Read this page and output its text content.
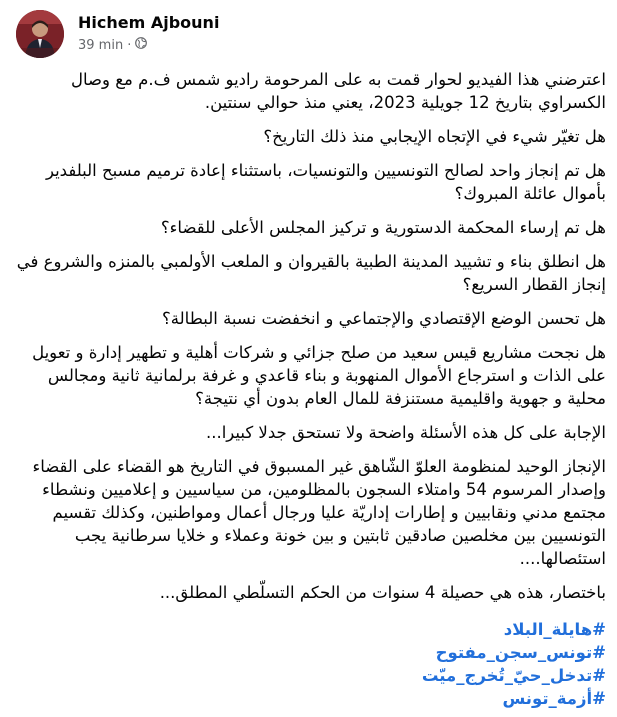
Hichem Ajbouni
39 min ·

اعترضني هذا الفيديو لحوار قمت به على المرحومة راديو شمس ف.م مع وصال الكسراوي بتاريخ 12 جويلية 2023، يعني منذ حوالي سنتين.

هل تغيّر شيء في الإتجاه الإيجابي منذ ذلك التاريخ؟

هل تم إنجاز واحد لصالح التونسيين والتونسيات، باستثناء إعادة ترميم مسبح البلفدير بأموال عائلة المبروك؟

هل تم إرساء المحكمة الدستورية و تركيز المجلس الأعلى للقضاء؟

هل انطلق بناء و تشييد المدينة الطبية بالقيروان و الملعب الأولمبي بالمنزه والشروع في إنجاز القطار السريع؟

هل تحسن الوضع الإقتصادي والإجتماعي و انخفضت نسبة البطالة؟

هل نجحت مشاريع قيس سعيد من صلح جزائي و شركات أهلية و تطهير إدارة و تعويل على الذات و استرجاع الأموال المنهوبة و بناء قاعدي و غرفة برلمانية ثانية ومجالس محلية و جهوية واقليمية مستنزفة للمال العام بدون أي نتيجة؟

الإجابة على كل هذه الأسئلة واضحة ولا تستحق جدلا كبيرا...

الإنجاز الوحيد لمنظومة العلوّ الشّاهق غير المسبوق في التاريخ هو القضاء على القضاء وإصدار المرسوم 54 وامتلاء السجون بالمظلومين، من سياسيين و إعلاميين ونشطاء مجتمع مدني ونقابيين و إطارات إداريّة عليا ورجال أعمال ومواطنين، وكذلك تقسيم التونسيين بين مخلصين صادقين ثابتين و بين خونة وعملاء و خلايا سرطانية يجب استئصالها....

باختصار، هذه هي حصيلة 4 سنوات من الحكم التسلّطي المطلق...

#هايلة_البلاد
#تونس_سجن_مفتوح
#تدخل_حيّ_تُخرج_ميّت
#أزمة_تونس
